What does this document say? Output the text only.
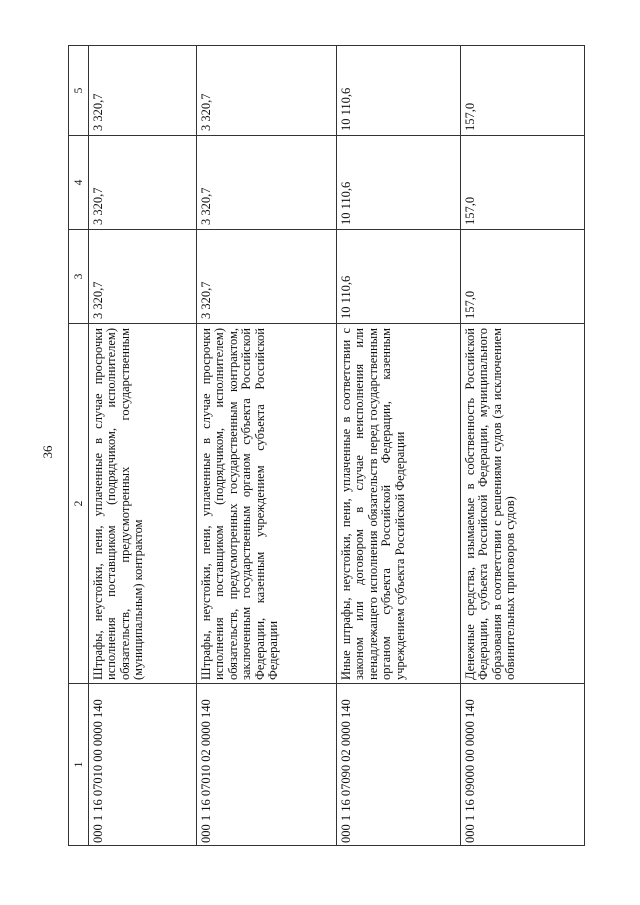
36
1	2	3	4	5
000 1 16 07010 00 0000 140	Штрафы, неустойки, пени, уплаченные в случае просрочки исполнения поставщиком (подрядчиком, исполнителем) обязательств, предусмотренных государственным (муниципальным) контрактом	3 320,7	3 320,7	3 320,7
000 1 16 07010 02 0000 140	Штрафы, неустойки, пени, уплаченные в случае просрочки исполнения поставщиком (подрядчиком, исполнителем) обязательств, предусмотренных государственным контрактом, заключенным государственным органом субъекта Российской Федерации, казенным учреждением субъекта Российской Федерации	3 320,7	3 320,7	3 320,7
000 1 16 07090 02 0000 140	Иные штрафы, неустойки, пени, уплаченные в соответствии с законом или договором в случае неисполнения или ненадлежащего исполнения обязательств перед государственным органом субъекта Российской Федерации, казенным учреждением субъекта Российской Федерации	10 110,6	10 110,6	10 110,6
000 1 16 09000 00 0000 140	Денежные средства, изымаемые в собственность Российской Федерации, субъекта Российской Федерации, муниципального образования в соответствии с решениями судов (за исключением обвинительных приговоров судов)	157,0	157,0	157,0
